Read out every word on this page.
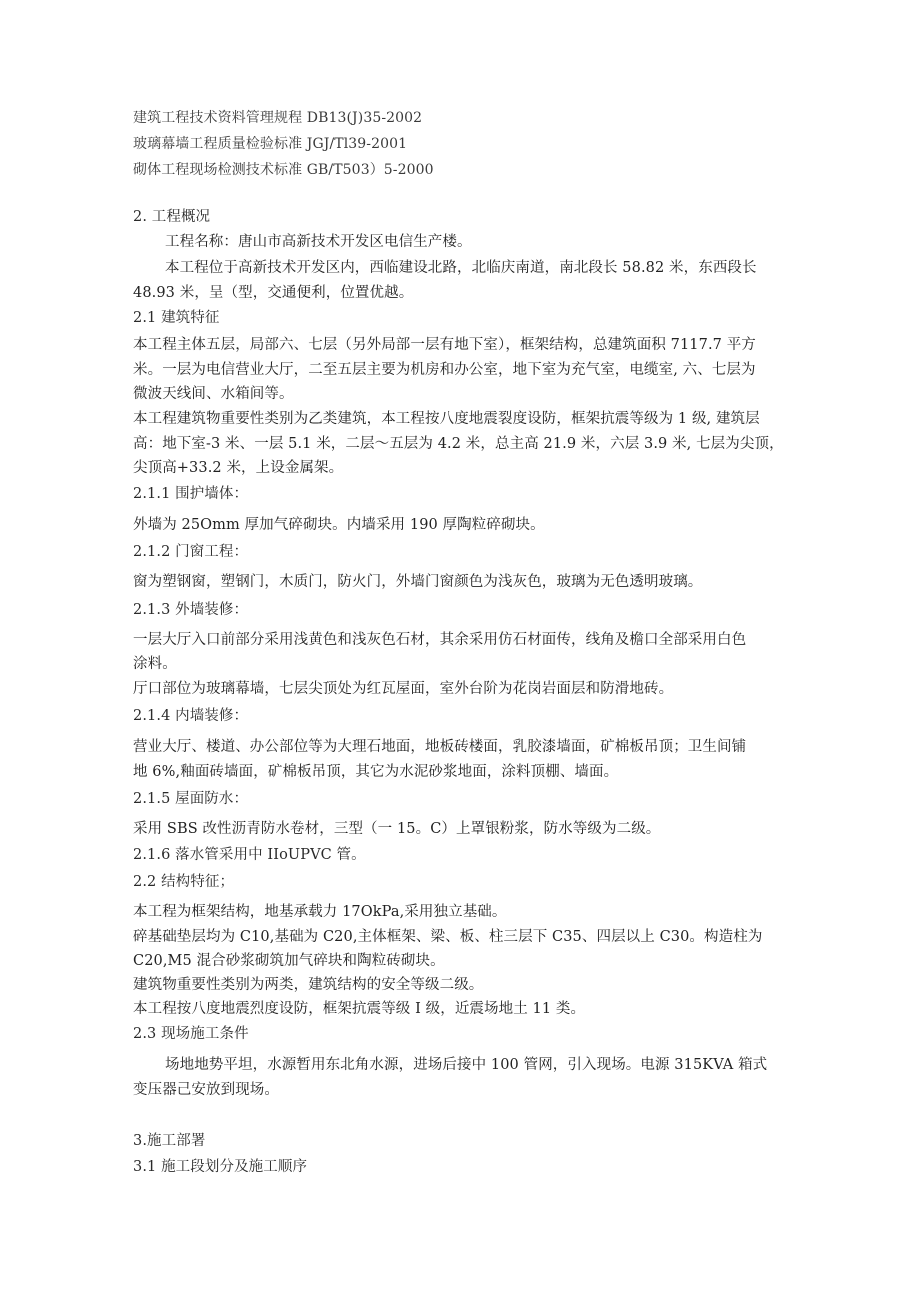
建筑工程技术资料管理规程 DB13(J)35-2002
玻璃幕墙工程质量检验标准 JGJ/Tl39-2001
砌体工程现场检测技术标准 GB/T503）5-2000
2. 工程概况
工程名称：唐山市高新技术开发区电信生产楼。
本工程位于高新技术开发区内，西临建设北路，北临庆南道，南北段长 58.82 米，东西段长
48.93 米，呈（型，交通便利，位置优越。
2.1 建筑特征
本工程主体五层，局部六、七层（另外局部一层有地下室），框架结构，总建筑面积 7117.7 平方
米。一层为电信营业大厅，二至五层主要为机房和办公室，地下室为充气室，电缆室, 六、七层为
微波天线间、水箱间等。
本工程建筑物重要性类别为乙类建筑，本工程按八度地震裂度设防，框架抗震等级为 1 级, 建筑层
高：地下室-3 米、一层 5.1 米，二层～五层为 4.2 米，总主高 21.9 米，六层 3.9 米, 七层为尖顶，
尖顶高+33.2 米，上设金属架。
2.1.1 围护墙体：
外墙为 25Omm 厚加气碎砌块。内墙采用 190 厚陶粒碎砌块。
2.1.2 门窗工程：
窗为塑钢窗，塑钢门，木质门，防火门，外墙门窗颜色为浅灰色，玻璃为无色透明玻璃。
2.1.3 外墙装修：
一层大厅入口前部分采用浅黄色和浅灰色石材，其余采用仿石材面传，线角及檐口全部采用白色
涂料。
厅口部位为玻璃幕墙，七层尖顶处为红瓦屋面，室外台阶为花岗岩面层和防滑地砖。
2.1.4 内墙装修：
营业大厅、楼道、办公部位等为大理石地面，地板砖楼面，乳胶漆墙面，矿棉板吊顶；卫生间铺
地 6%,釉面砖墙面，矿棉板吊顶，其它为水泥砂浆地面，涂料顶棚、墙面。
2.1.5 屋面防水：
采用 SBS 改性沥青防水卷材，三型（一 15。C）上罩银粉浆，防水等级为二级。
2.1.6 落水管采用中 IIoUPVC 管。
2.2 结构特征；
本工程为框架结构，地基承载力 17OkPa,采用独立基础。
碎基础垫层均为 C10,基础为 C20,主体框架、梁、板、柱三层下 C35、四层以上 C30。构造柱为
C20,M5 混合砂浆砌筑加气碎块和陶粒砖砌块。
建筑物重要性类别为两类，建筑结构的安全等级二级。
本工程按八度地震烈度设防，框架抗震等级 I 级，近震场地土 11 类。
2.3 现场施工条件
场地地势平坦，水源暂用东北角水源，进场后接中 100 管网，引入现场。电源 315KVA 箱式
变压器己安放到现场。
3.施工部署
3.1 施工段划分及施工顺序
